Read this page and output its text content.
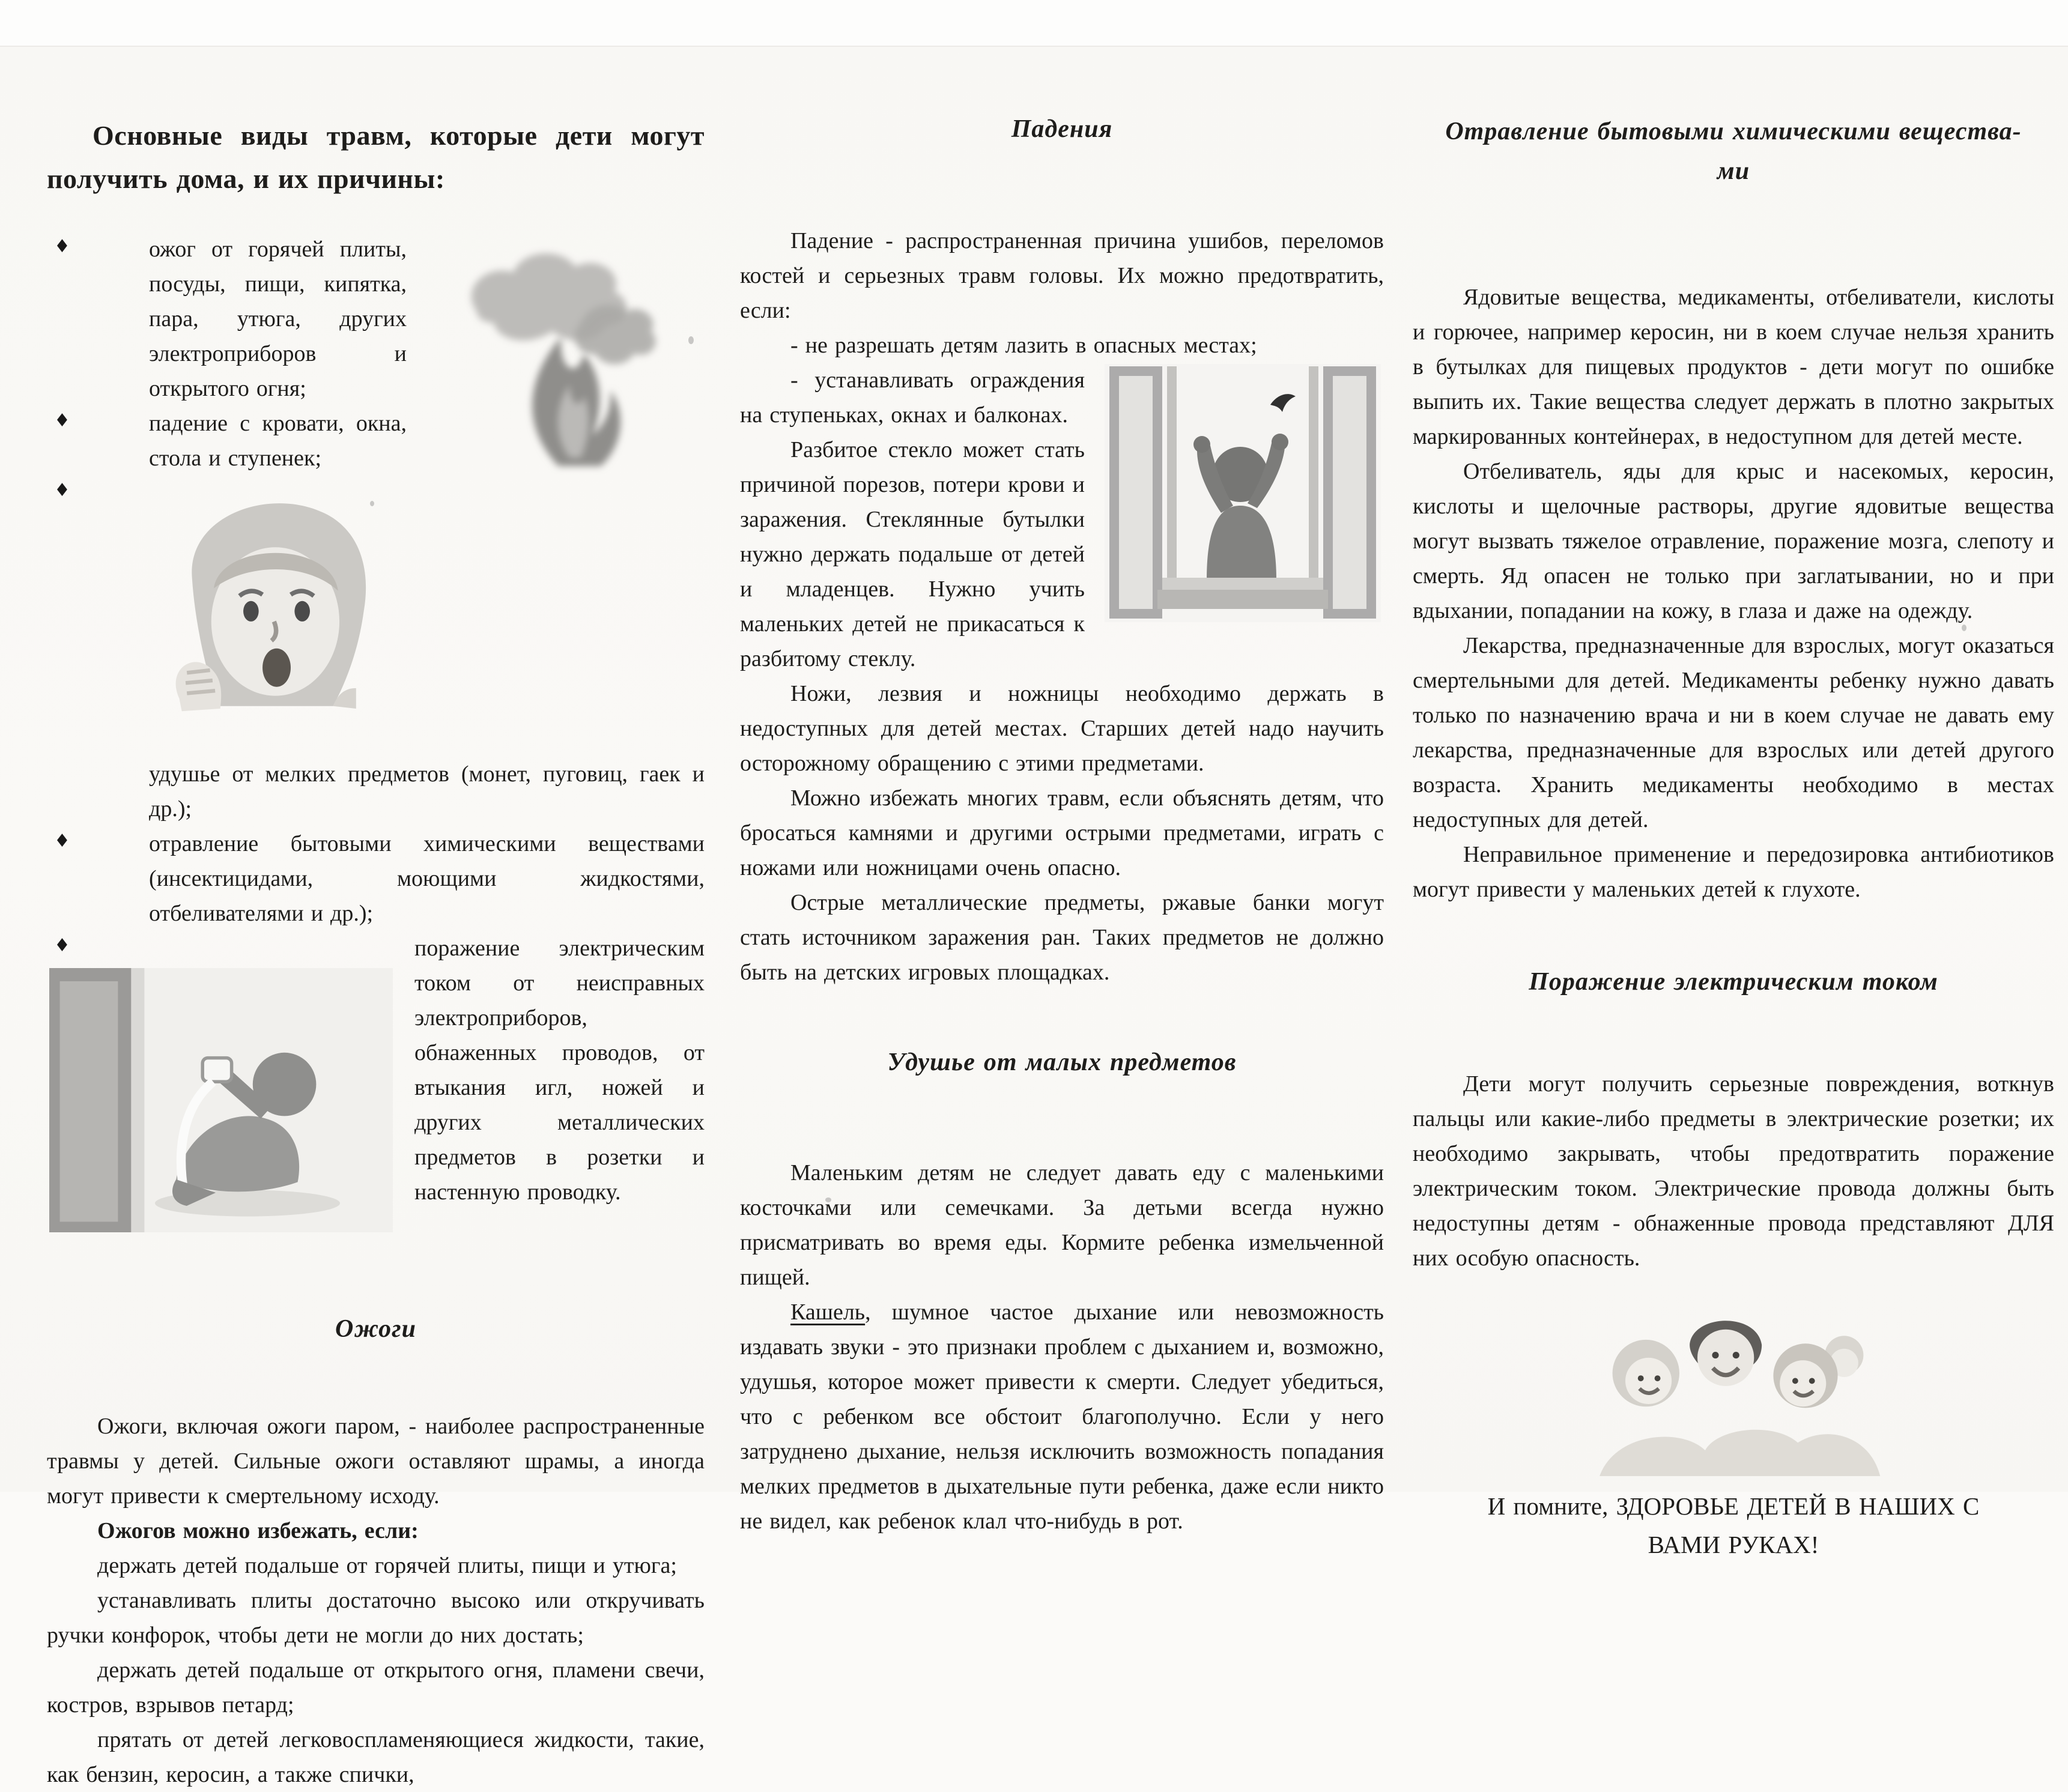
Основные виды травм, которые дети могут получить дома, и их причины:
♦	ожог от горячей плиты, посуды, пищи, кипятка, пара, утюга, других электроприборов и открытого огня;
♦	падение с кровати, окна, стола и ступенек;
♦
удушье от мелких предметов (монет, пуговиц, гаек и др.);
♦	отравление бытовыми химическими веществами (инсектицидами, моющими жидкостями, отбеливателями и др.);
♦	поражение электрическим током от неисправных электроприборов, обнаженных проводов, от втыкания игл, ножей и других металлических предметов в розетки и настенную проводку.
Ожоги

Ожоги, включая ожоги паром, - наиболее распространенные травмы у детей. Сильные ожоги оставляют шрамы, а иногда могут привести к смертельному исходу.

Ожогов можно избежать, если:

держать детей подальше от горячей плиты, пищи и утюга;

устанавливать плиты достаточно высоко или откручивать ручки конфорок, чтобы дети не могли до них достать;

держать детей подальше от открытого огня, пламени свечи, костров, взрывов петард;

прятать от детей легковоспламеняющиеся жидкости, такие, как бензин, керосин, а также спички,

Падения

Падение - распространенная причина ушибов, переломов костей и серьезных травм головы. Их можно предотвратить, если:

- не разрешать детям лазить в опасных местах;

- устанавливать ограждения на ступеньках, окнах и балконах.

Разбитое стекло может стать причиной порезов, потери крови и заражения. Стеклянные бутылки нужно держать подальше от детей и младенцев. Нужно учить маленьких детей не прикасаться к разбитому стеклу.

Ножи, лезвия и ножницы необходимо держать в недоступных для детей местах. Старших детей надо научить осторожному обращению с этими предметами.

Можно избежать многих травм, если объяснять детям, что бросаться камнями и другими острыми предметами, играть с ножами или ножницами очень опасно.

Острые металлические предметы, ржавые банки могут стать источником заражения ран. Таких предметов не должно быть на детских игровых площадках.

Удушье от малых предметов

Маленьким детям не следует давать еду с маленькими косточками или семечками. За детьми всегда нужно присматривать во время еды. Кормите ребенка измельченной пищей.

Кашель, шумное частое дыхание или невозможность издавать звуки - это признаки проблем с дыханием и, возможно, удушья, которое может привести к смерти. Следует убедиться, что с ребенком все обстоит благополучно. Если у него затруднено дыхание, нельзя исключить возможность попадания мелких предметов в дыхательные пути ребенка, даже если никто не видел, как ребенок клал что-нибудь в рот.

Отравление бытовыми химическими вещества-
ми

Ядовитые вещества, медикаменты, отбеливатели, кислоты и горючее, например керосин, ни в коем случае нельзя хранить в бутылках для пищевых продуктов - дети могут по ошибке выпить их. Такие вещества следует держать в плотно закрытых маркированных контейнерах, в недоступном для детей месте.

Отбеливатель, яды для крыс и насекомых, керосин, кислоты и щелочные растворы, другие ядовитые вещества могут вызвать тяжелое отравление, поражение мозга, слепоту и смерть. Яд опасен не только при заглатывании, но и при вдыхании, попадании на кожу, в глаза и даже на одежду.

Лекарства, предназначенные для взрослых, могут оказаться смертельными для детей. Медикаменты ребенку нужно давать только по назначению врача и ни в коем случае не давать ему лекарства, предназначенные для взрослых или детей другого возраста. Хранить медикаменты необходимо в местах недоступных для детей.

Неправильное применение и передозировка антибиотиков могут привести у маленьких детей к глухоте.

Поражение электрическим током

Дети могут получить серьезные повреждения, воткнув пальцы или какие-либо предметы в электрические розетки; их необходимо закрывать, чтобы предотвратить поражение электрическим током. Электрические провода должны быть недоступны детям - обнаженные провода представляют ДЛЯ них особую опасность.

И помните, ЗДОРОВЬЕ ДЕТЕЙ В НАШИХ С
ВАМИ РУКАХ!
